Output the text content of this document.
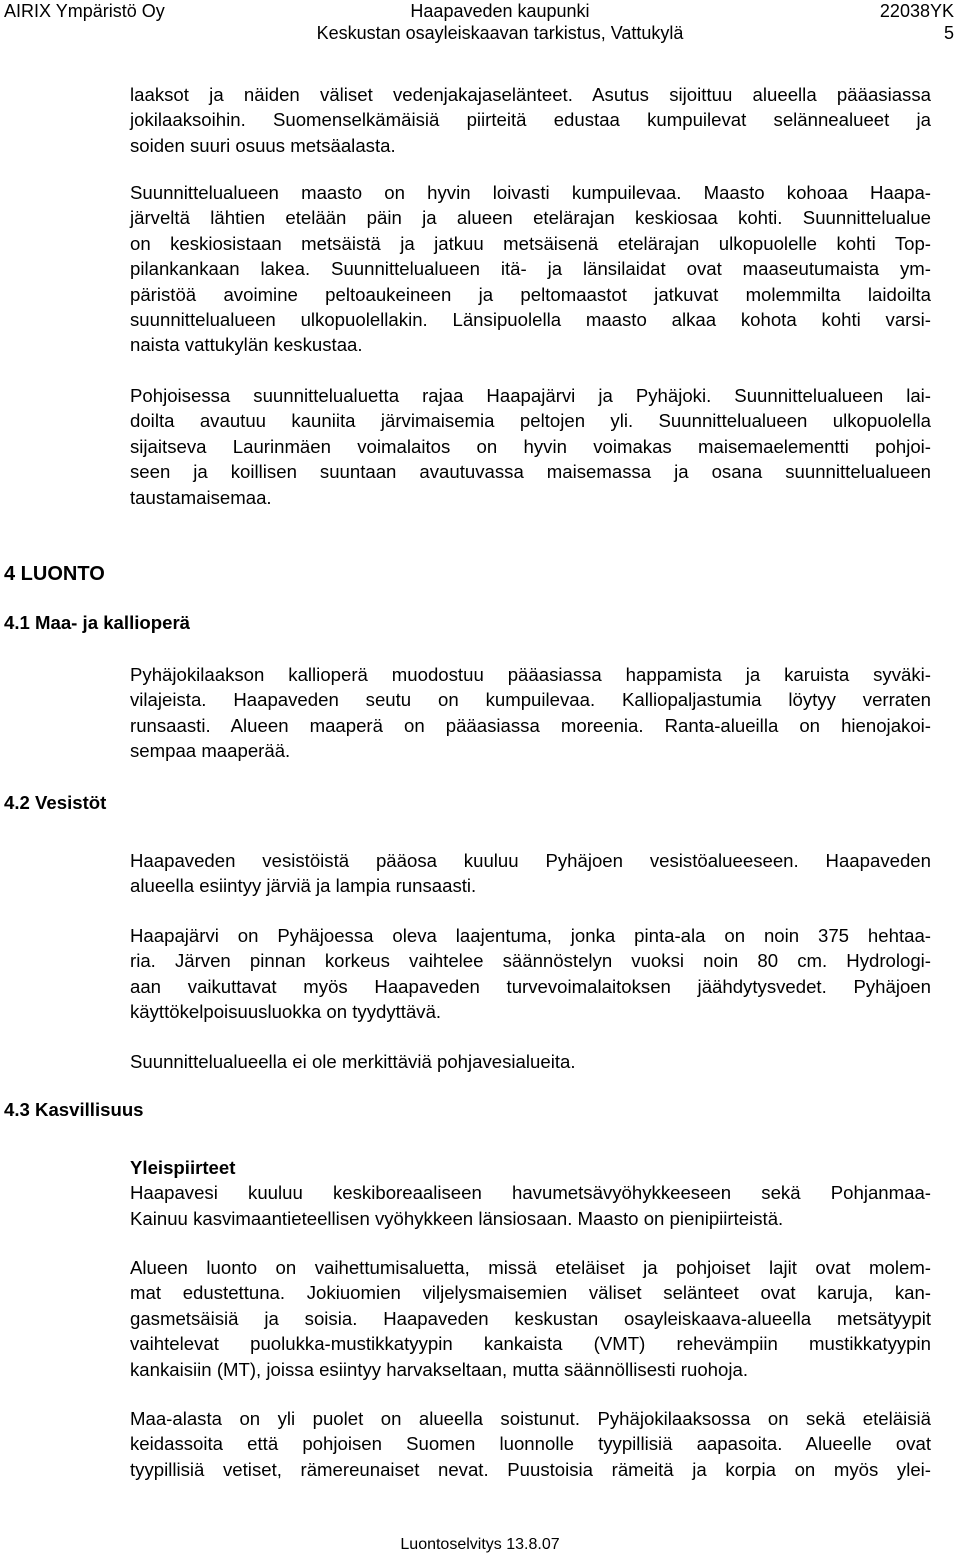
AIRIX Ympäristö Oy	Haapaveden kaupunki
Keskustan osayleiskaavan tarkistus, Vattukylä
22038YK
5
laaksot ja näiden väliset vedenjakajaselänteet. Asutus sijoittuu alueella pääasiassa
jokilaaksoihin. Suomenselkämäisiä piirteitä edustaa kumpuilevat selännealueet ja
soiden suuri osuus metsäalasta.
Suunnittelualueen maasto on hyvin loivasti kumpuilevaa. Maasto kohoaa Haapa-
järveltä lähtien etelään päin ja alueen etelärajan keskiosaa kohti. Suunnittelualue
on keskiosistaan metsäistä ja jatkuu metsäisenä etelärajan ulkopuolelle kohti Top-
pilankankaan lakea. Suunnittelualueen itä- ja länsilaidat ovat maaseutumaista ym-
päristöä avoimine peltoaukeineen ja peltomaastot jatkuvat molemmilta laidoilta
suunnittelualueen ulkopuolellakin. Länsipuolella maasto alkaa kohota kohti varsi-
naista vattukylän keskustaa.
Pohjoisessa suunnittelualuetta rajaa Haapajärvi ja Pyhäjoki. Suunnittelualueen lai-
doilta avautuu kauniita järvimaisemia peltojen yli. Suunnittelualueen ulkopuolella
sijaitseva Laurinmäen voimalaitos on hyvin voimakas maisemaelementti pohjoi-
seen ja koillisen suuntaan avautuvassa maisemassa ja osana suunnittelualueen
taustamaisemaa.
4 LUONTO
4.1 Maa- ja kallioperä
Pyhäjokilaakson kallioperä muodostuu pääasiassa happamista ja karuista syväki-
vilajeista. Haapaveden seutu on kumpuilevaa. Kalliopaljastumia löytyy verraten
runsaasti. Alueen maaperä on pääasiassa moreenia. Ranta-alueilla on hienojakoi-
sempaa maaperää.
4.2 Vesistöt
Haapaveden vesistöistä pääosa kuuluu Pyhäjoen vesistöalueeseen. Haapaveden
alueella esiintyy järviä ja lampia runsaasti.
Haapajärvi on Pyhäjoessa oleva laajentuma, jonka pinta-ala on noin 375 hehtaa-
ria. Järven pinnan korkeus vaihtelee säännöstelyn vuoksi noin 80 cm. Hydrologi-
aan vaikuttavat myös Haapaveden turvevoimalaitoksen jäähdytysvedet. Pyhäjoen
käyttökelpoisuusluokka on tyydyttävä.
Suunnittelualueella ei ole merkittäviä pohjavesialueita.
4.3 Kasvillisuus
Yleispiirteet
Haapavesi kuuluu keskiboreaaliseen havumetsävyöhykkeeseen sekä Pohjanmaa-
Kainuu kasvimaantieteellisen vyöhykkeen länsiosaan. Maasto on pienipiirteistä.
Alueen luonto on vaihettumisaluetta, missä eteläiset ja pohjoiset lajit ovat molem-
mat edustettuna. Jokiuomien viljelysmaisemien väliset selänteet ovat karuja, kan-
gasmetsäisiä ja soisia. Haapaveden keskustan osayleiskaava-alueella metsätyypit
vaihtelevat puolukka-mustikkatyypin kankaista (VMT) rehevämpiin mustikkatyypin
kankaisiin (MT), joissa esiintyy harvakseltaan, mutta säännöllisesti ruohoja.
Maa-alasta on yli puolet on alueella soistunut. Pyhäjokilaaksossa on sekä eteläisiä
keidassoita että pohjoisen Suomen luonnolle tyypillisiä aapasoita. Alueelle ovat
tyypillisiä vetiset, rämereunaiset nevat. Puustoisia rämeitä ja korpia on myös ylei-
Luontoselvitys 13.8.07
